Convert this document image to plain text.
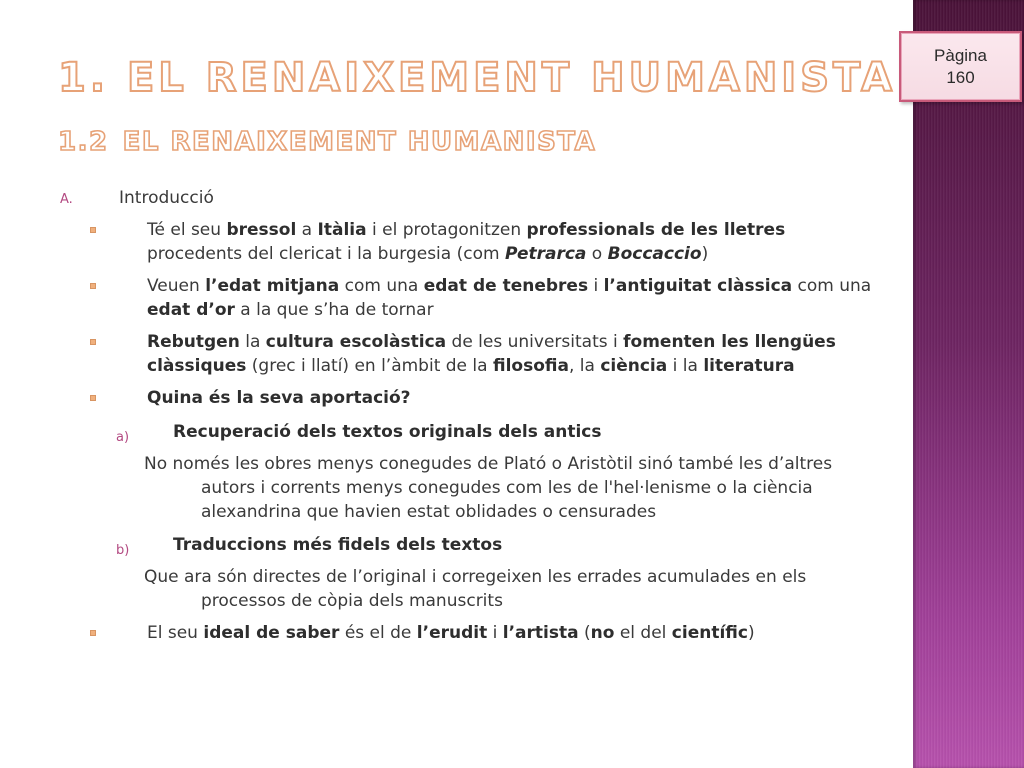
Pàgina
160
1. EL RENAIXEMENT HUMANISTA
1.2 EL RENAIXEMENT HUMANISTA
A.	Introducció
Té el seu bressol a Itàlia i el protagonitzen professionals de les lletres
procedents del clericat i la burgesia (com Petrarca o Boccaccio)
Veuen l’edat mitjana com una edat de tenebres i l’antiguitat clàssica com una
edat d’or a la que s’ha de tornar
Rebutgen la cultura escolàstica de les universitats i fomenten les llengües
clàssiques (grec i llatí) en l’àmbit de la filosofia, la ciència i la literatura
Quina és la seva aportació?
a)	Recuperació dels textos originals dels antics
No només les obres menys conegudes de Plató o Aristòtil sinó també les d’altres
autors i corrents menys conegudes com les de l'hel·lenisme o la ciència
alexandrina que havien estat oblidades o censurades
b)	Traduccions més fidels dels textos
Que ara són directes de l’original i corregeixen les errades acumulades en els
processos de còpia dels manuscrits
El seu ideal de saber és el de l’erudit i l’artista (no el del científic)
